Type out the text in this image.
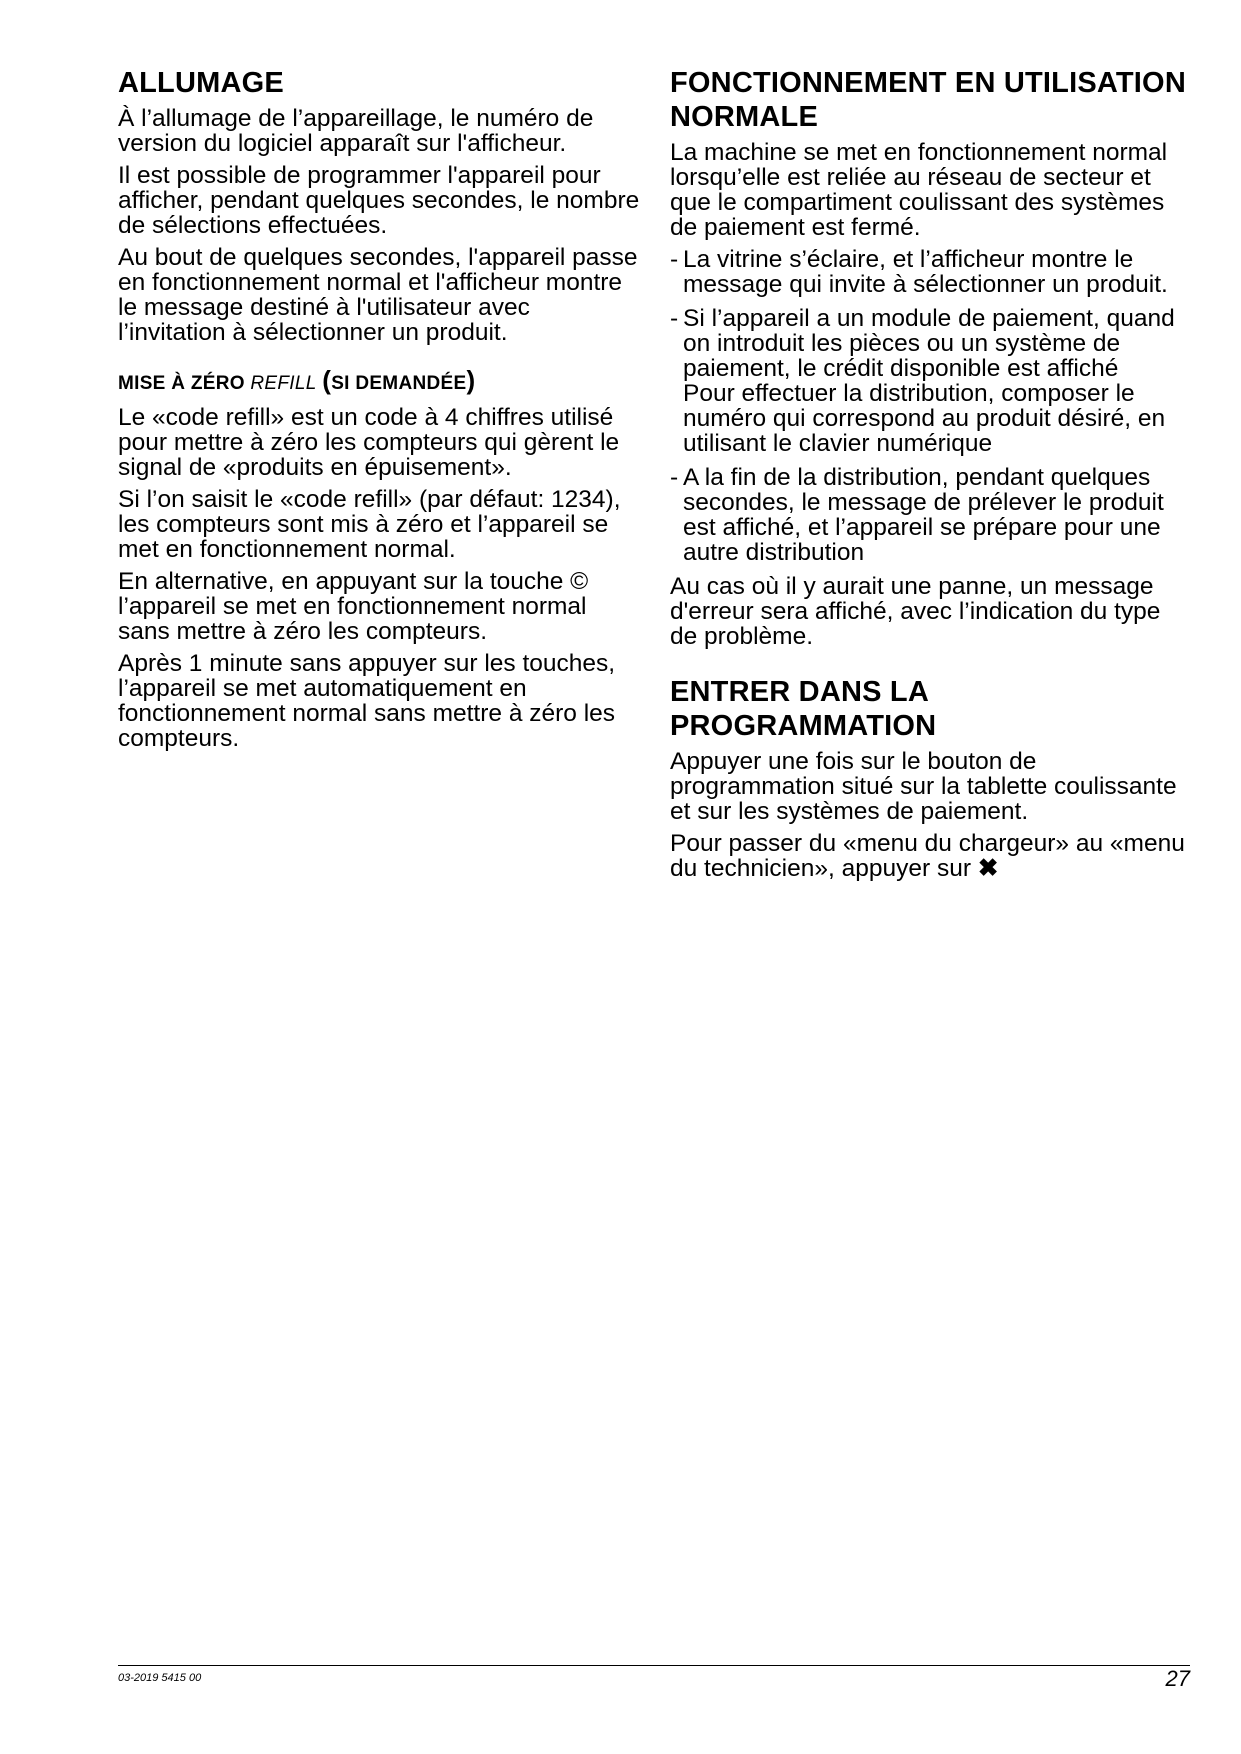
ALLUMAGE

À l’allumage de l’appareillage, le numéro de version du logiciel apparaît sur l'afficheur.

Il est possible de programmer l'appareil pour afficher, pendant quelques secondes, le nombre de sélections effectuées.

Au bout de quelques secondes, l'appareil passe en fonctionnement normal et l'afficheur montre le message destiné à l'utilisateur avec l’invitation à sélectionner un produit.

MISE À ZÉRO REFILL (SI DEMANDÉE)

Le «code refill» est un code à 4 chiffres utilisé pour mettre à zéro les compteurs qui gèrent le signal de «produits en épuisement».

Si l’on saisit le «code refill» (par défaut: 1234), les compteurs sont mis à zéro et l’appareil se met en fonctionnement normal.

En alternative, en appuyant sur la touche © l’appareil se met en fonctionnement normal sans mettre à zéro les compteurs.

Après 1 minute sans appuyer sur les touches, l’appareil se met automatiquement en fonctionnement normal sans mettre à zéro les compteurs.

FONCTIONNEMENT EN UTILISATION NORMALE

La machine se met en fonctionnement normal lorsqu’elle est reliée au réseau de secteur et que le compartiment coulissant des systèmes de paiement est fermé.

- La vitrine s’éclaire, et l’afficheur montre le message qui invite à sélectionner un produit.
- Si l’appareil a un module de paiement, quand on introduit les pièces ou un système de paiement, le crédit disponible est affiché
Pour effectuer la distribution, composer le numéro qui correspond au produit désiré, en utilisant le clavier numérique
- A la fin de la distribution, pendant quelques secondes, le message de prélever le produit est affiché, et l’appareil se prépare pour une autre distribution

Au cas où il y aurait une panne, un message d'erreur sera affiché, avec l’indication du type de problème.

ENTRER DANS LA PROGRAMMATION

Appuyer une fois sur le bouton de programmation situé sur la tablette coulissante et sur les systèmes de paiement.

Pour passer du «menu du chargeur» au «menu du technicien», appuyer sur ✖

03-2019 5415 00	27
